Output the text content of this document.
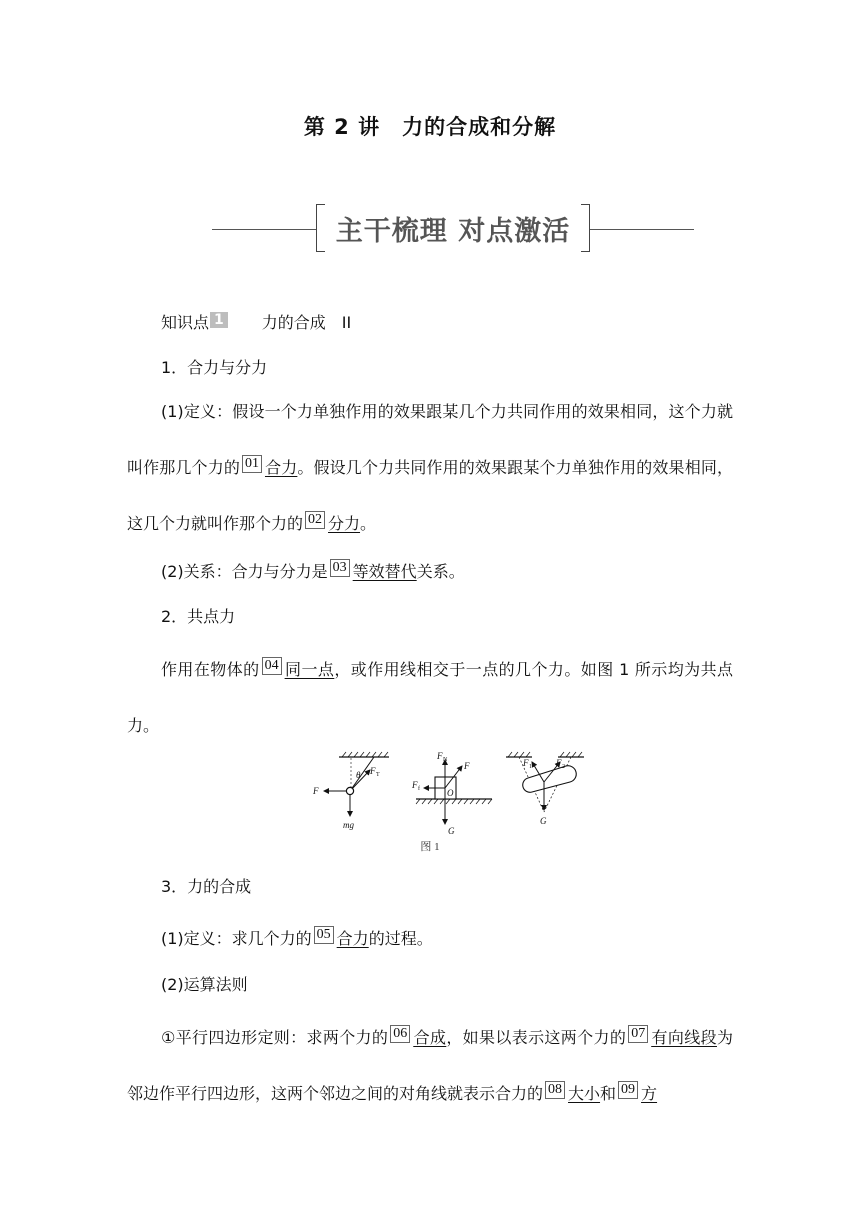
第 2 讲　力的合成和分解
主干梳理 对点激活
知识点 1 力的合成　II
1．合力与分力

(1)定义：假设一个力单独作用的效果跟某几个力共同作用的效果相同，这个力就叫作那几个力的 01 合力。假设几个力共同作用的效果跟某个力单独作用的效果相同，这几个力就叫作那个力的 02 分力。

(2)关系：合力与分力是 03 等效替代关系。

2．共点力

作用在物体的 04 同一点，或作用线相交于一点的几个力。如图 1 所示均为共点力。

θ F T
F
mg
F N
F
F f	O
G
F 1	F 2
G
图 1
3．力的合成

(1)定义：求几个力的 05 合力的过程。

(2)运算法则

①平行四边形定则：求两个力的 06 合成，如果以表示这两个力的 07 有向线段为邻边作平行四边形，这两个邻边之间的对角线就表示合力的 08 大小和 09 方
